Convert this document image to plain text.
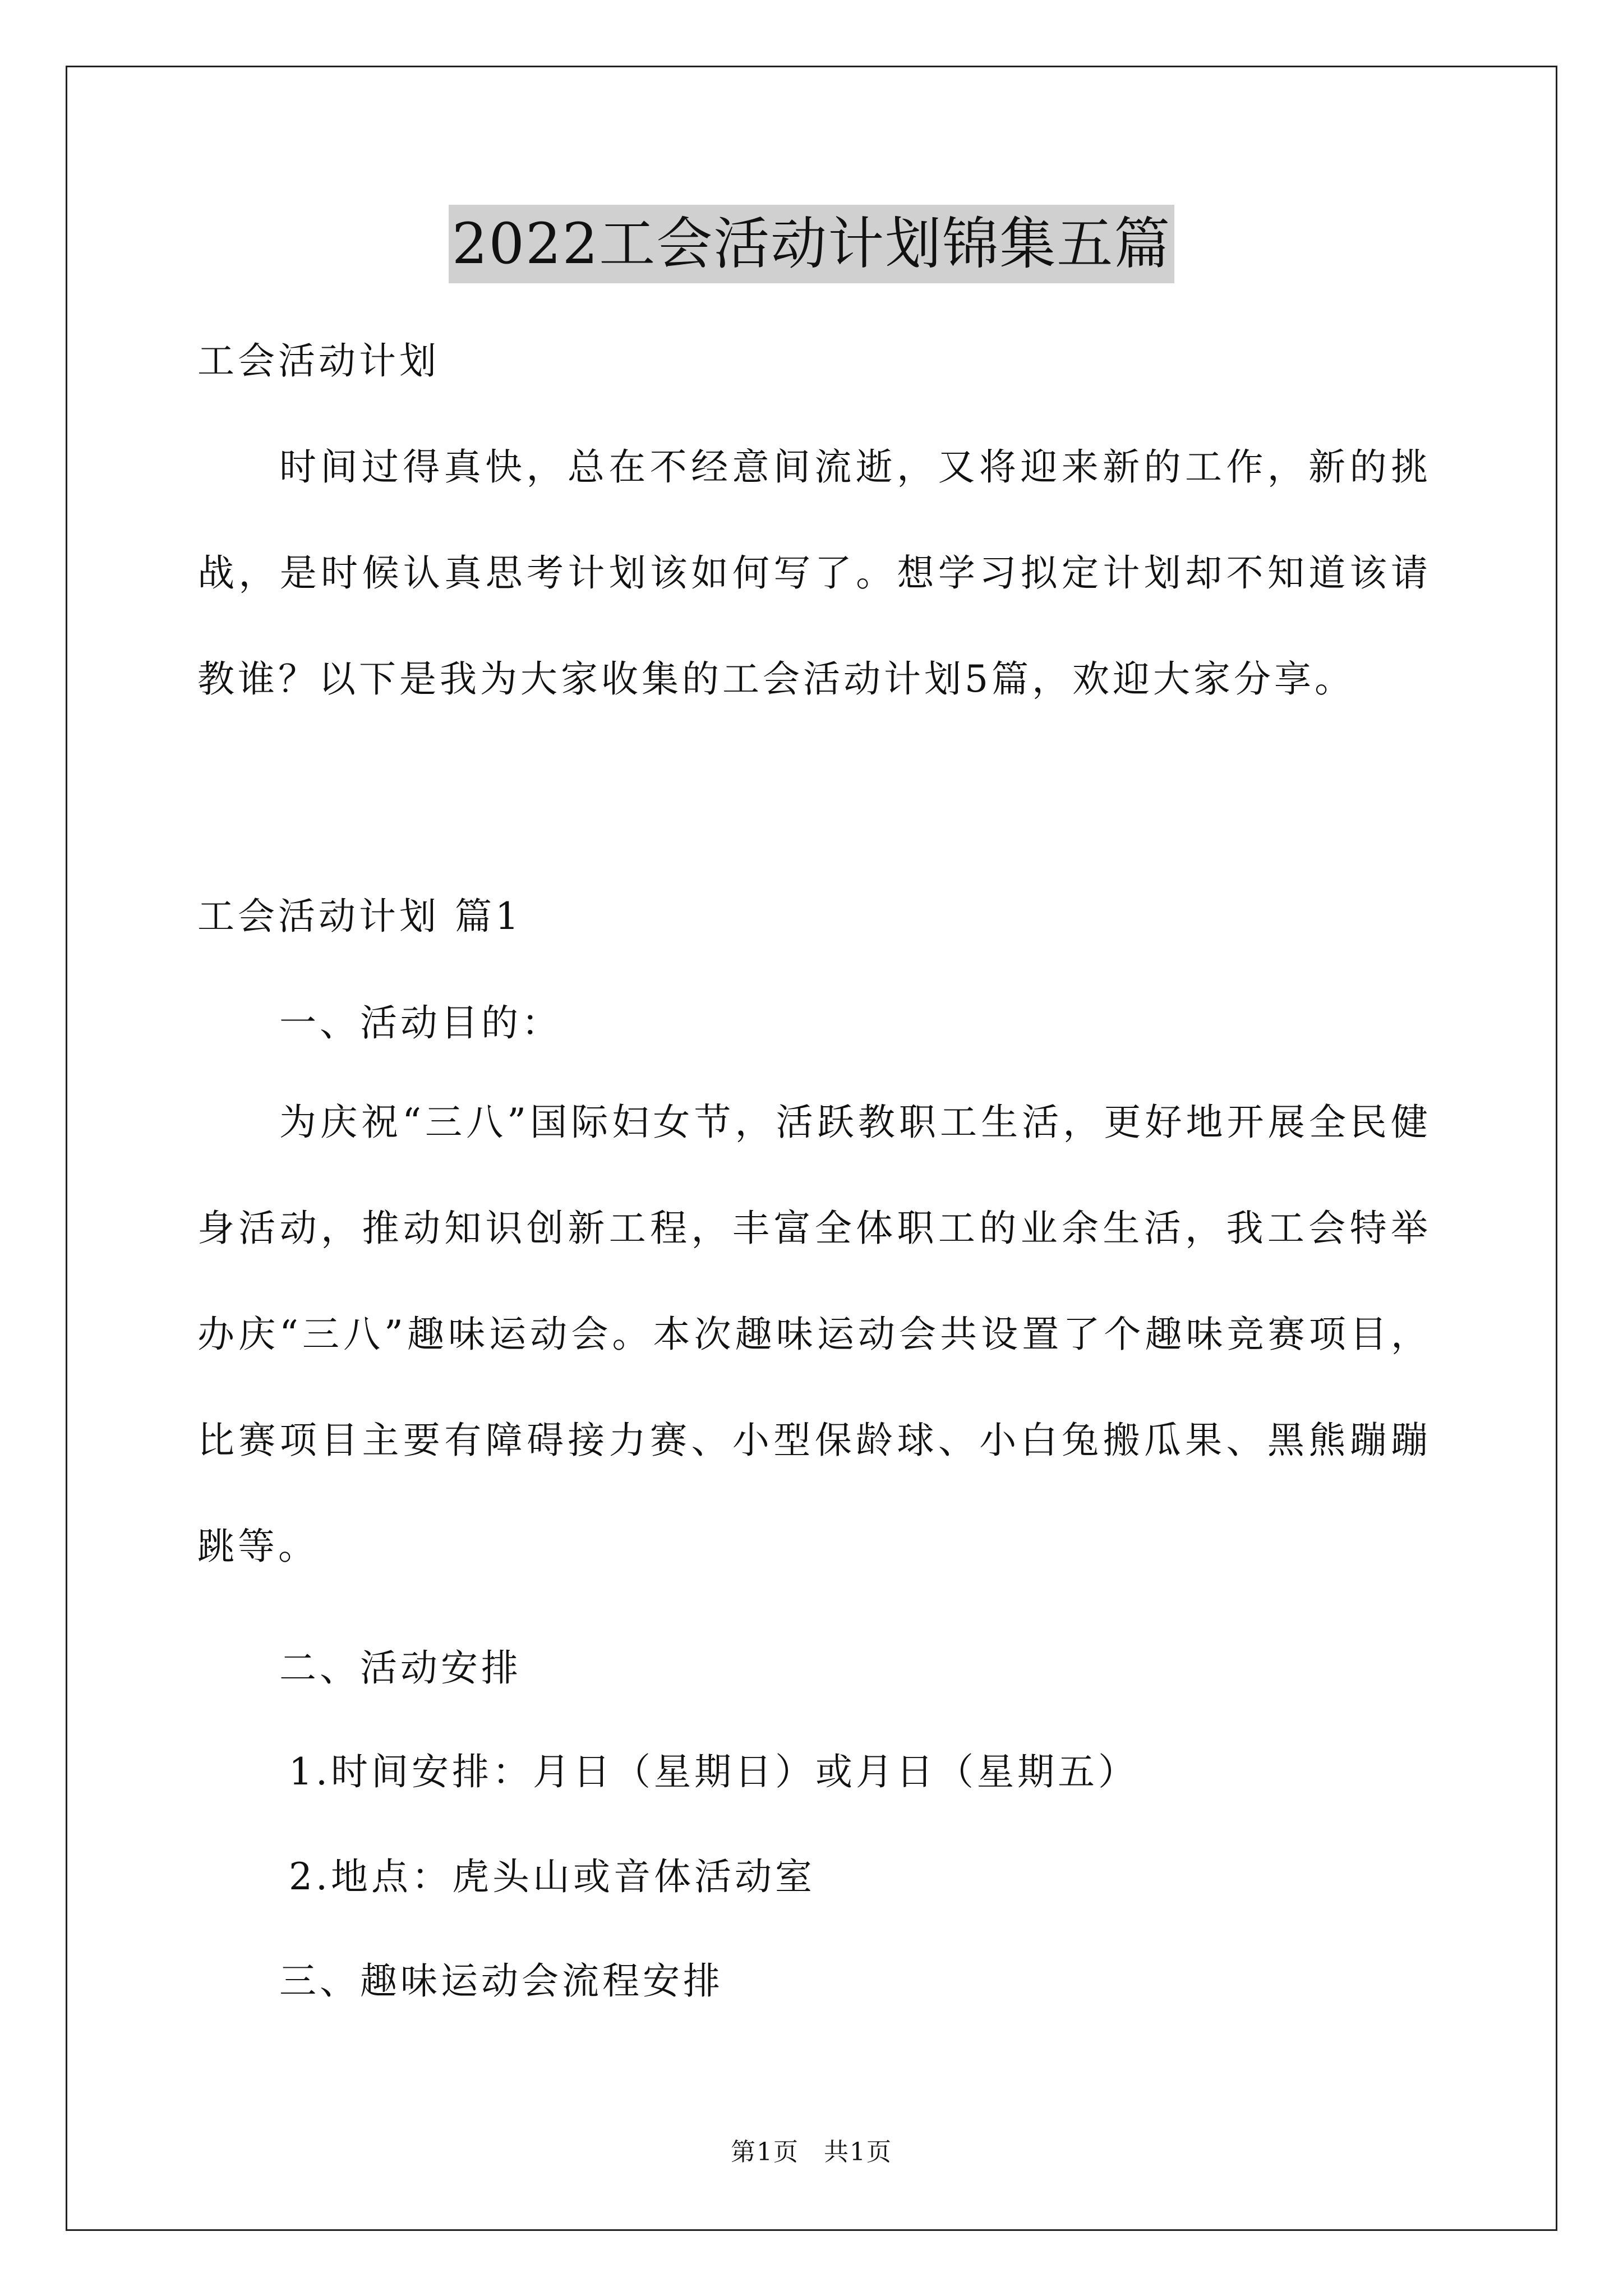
2022工会活动计划锦集五篇

工会活动计划

时间过得真快，总在不经意间流逝，又将迎来新的工作，新的挑战，是时候认真思考计划该如何写了。想学习拟定计划却不知道该请教谁？以下是我为大家收集的工会活动计划5篇，欢迎大家分享。

工会活动计划 篇1

一、活动目的：

为庆祝“三八”国际妇女节，活跃教职工生活，更好地开展全民健身活动，推动知识创新工程，丰富全体职工的业余生活，我工会特举办庆“三八”趣味运动会。本次趣味运动会共设置了个趣味竞赛项目，比赛项目主要有障碍接力赛、小型保龄球、小白兔搬瓜果、黑熊蹦蹦跳等。

二、活动安排

1.时间安排：月日（星期日）或月日（星期五）

2.地点：虎头山或音体活动室

三、趣味运动会流程安排

第1页 共1页
